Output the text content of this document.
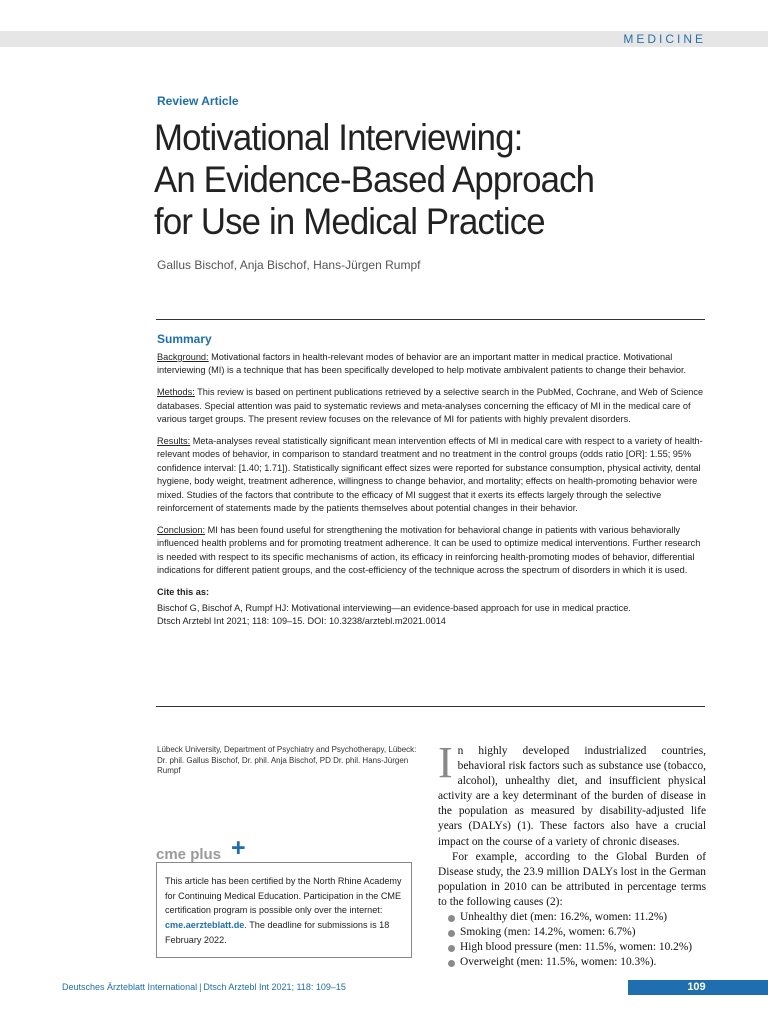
MEDICINE
Review Article
Motivational Interviewing:
An Evidence-Based Approach
for Use in Medical Practice
Gallus Bischof, Anja Bischof, Hans-Jürgen Rumpf
Summary

Background: Motivational factors in health-relevant modes of behavior are an important matter in medical practice. Motivational interviewing (MI) is a technique that has been specifically developed to help motivate ambivalent patients to change their behavior.

Methods: This review is based on pertinent publications retrieved by a selective search in the PubMed, Cochrane, and Web of Science databases. Special attention was paid to systematic reviews and meta-analyses concerning the efficacy of MI in the medical care of various target groups. The present review focuses on the relevance of MI for patients with highly prevalent disorders.

Results: Meta-analyses reveal statistically significant mean intervention effects of MI in medical care with respect to a variety of health-relevant modes of behavior, in comparison to standard treatment and no treatment in the control groups (odds ratio [OR]: 1.55; 95% confidence interval: [1.40; 1.71]). Statistically significant effect sizes were reported for substance consumption, physical activity, dental hygiene, body weight, treatment adherence, willingness to change behavior, and mortality; effects on health-promoting behavior were mixed. Studies of the factors that contribute to the efficacy of MI suggest that it exerts its effects largely through the selective reinforcement of statements made by the patients themselves about potential changes in their behavior.

Conclusion: MI has been found useful for strengthening the motivation for behavioral change in patients with various behaviorally influenced health problems and for promoting treatment adherence. It can be used to optimize medical interventions. Further research is needed with respect to its specific mechanisms of action, its efficacy in reinforcing health-promoting modes of behavior, differential indications for different patient groups, and the cost-efficiency of the technique across the spectrum of disorders in which it is used.

Cite this as:
Bischof G, Bischof A, Rumpf HJ: Motivational interviewing—an evidence-based approach for use in medical practice.
Dtsch Arztebl Int 2021; 118: 109–15. DOI: 10.3238/arztebl.m2021.0014
Lübeck University, Department of Psychiatry and Psychotherapy, Lübeck: Dr. phil. Gallus Bischof, Dr. phil. Anja Bischof, PD Dr. phil. Hans-Jürgen Rumpf
cme plus +
This article has been certified by the North Rhine Academy for Continuing Medical Education. Participation in the CME certification program is possible only over the internet: cme.aerzteblatt.de. The deadline for submissions is 18 February 2022.

In highly developed industrialized countries, behavioral risk factors such as substance use (tobacco, alcohol), unhealthy diet, and insufficient physical activity are a key determinant of the burden of disease in the population as measured by disability-adjusted life years (DALYs) (1). These factors also have a crucial impact on the course of a variety of chronic diseases.

For example, according to the Global Burden of Disease study, the 23.9 million DALYs lost in the German population in 2010 can be attributed in percentage terms to the following causes (2):

Unhealthy diet (men: 16.2%, women: 11.2%)
Smoking (men: 14.2%, women: 6.7%)
High blood pressure (men: 11.5%, women: 10.2%)
Overweight (men: 11.5%, women: 10.3%).
Deutsches Ärzteblatt International | Dtsch Arztebl Int 2021; 118: 109–15	109
